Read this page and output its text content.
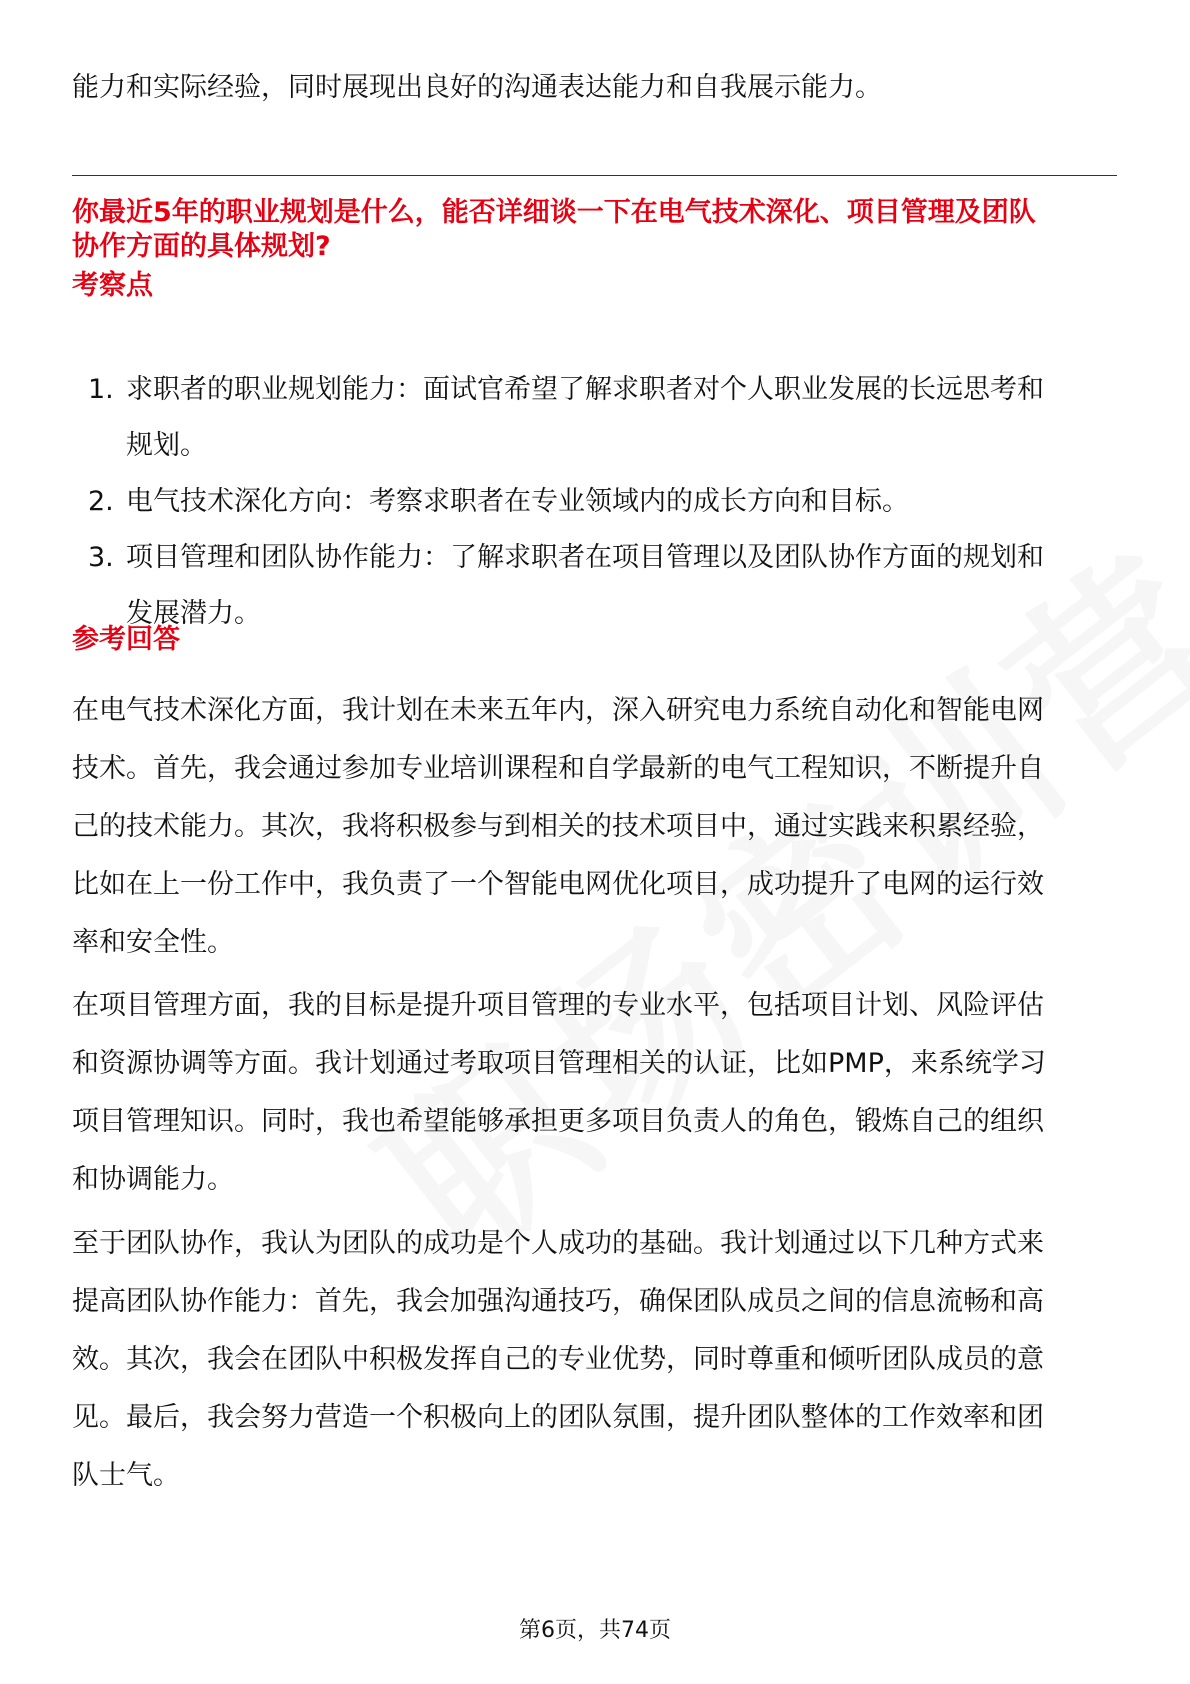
能力和实际经验，同时展现出良好的沟通表达能力和自我展示能力。
你最近5年的职业规划是什么，能否详细谈一下在电气技术深化、项目管理及团队
协作方面的具体规划?
考察点
1. 求职者的职业规划能力：面试官希望了解求职者对个人职业发展的长远思考和
规划。
2. 电气技术深化方向：考察求职者在专业领域内的成长方向和目标。
3. 项目管理和团队协作能力：了解求职者在项目管理以及团队协作方面的规划和
发展潜力。
参考回答
在电气技术深化方面，我计划在未来五年内，深入研究电力系统自动化和智能电网
技术。首先，我会通过参加专业培训课程和自学最新的电气工程知识，不断提升自
己的技术能力。其次，我将积极参与到相关的技术项目中，通过实践来积累经验，
比如在上一份工作中，我负责了一个智能电网优化项目，成功提升了电网的运行效
率和安全性。
在项目管理方面，我的目标是提升项目管理的专业水平，包括项目计划、风险评估
和资源协调等方面。我计划通过考取项目管理相关的认证，比如PMP，来系统学习
项目管理知识。同时，我也希望能够承担更多项目负责人的角色，锻炼自己的组织
和协调能力。
至于团队协作，我认为团队的成功是个人成功的基础。我计划通过以下几种方式来
提高团队协作能力：首先，我会加强沟通技巧，确保团队成员之间的信息流畅和高
效。其次，我会在团队中积极发挥自己的专业优势，同时尊重和倾听团队成员的意
见。最后，我会努力营造一个积极向上的团队氛围，提升团队整体的工作效率和团
队士气。
第6页，共74页
